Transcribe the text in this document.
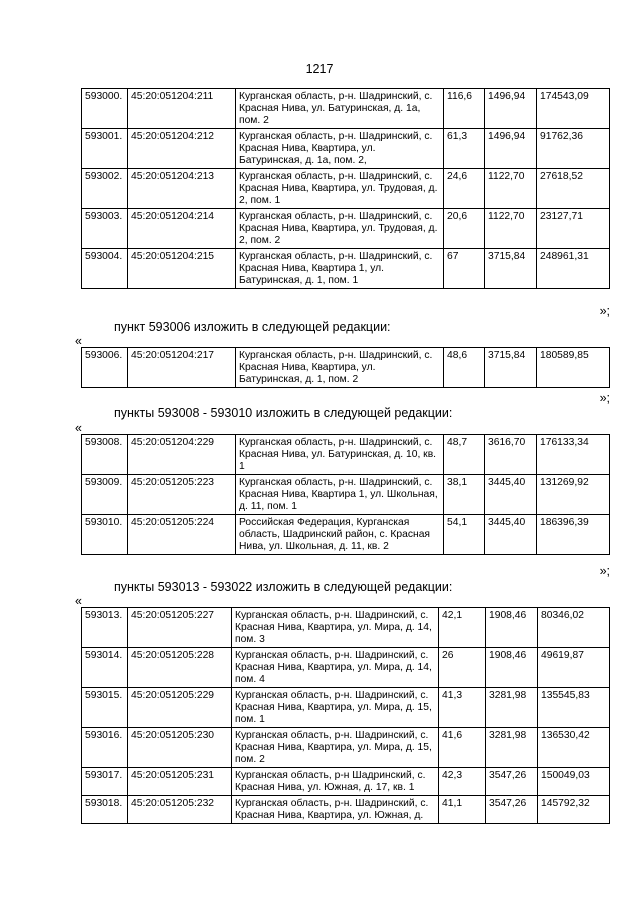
1217
593000.	45:20:051204:211	Курганская область, р-н. Шадринский, с. Красная Нива, ул. Батуринская, д. 1а, пом. 2	116,6	1496,94	174543,09
593001.	45:20:051204:212	Курганская область, р-н. Шадринский, с. Красная Нива, Квартира, ул. Батуринская, д. 1а, пом. 2,	61,3	1496,94	91762,36
593002.	45:20:051204:213	Курганская область, р-н. Шадринский, с. Красная Нива, Квартира, ул. Трудовая, д. 2, пом. 1	24,6	1122,70	27618,52
593003.	45:20:051204:214	Курганская область, р-н. Шадринский, с. Красная Нива, Квартира, ул. Трудовая, д. 2, пом. 2	20,6	1122,70	23127,71
593004.	45:20:051204:215	Курганская область, р-н. Шадринский, с. Красная Нива, Квартира 1, ул. Батуринская, д. 1, пом. 1	67	3715,84	248961,31
»;
пункт 593006 изложить в следующей редакции:
«
593006.	45:20:051204:217	Курганская область, р-н. Шадринский, с. Красная Нива, Квартира, ул. Батуринская, д. 1, пом. 2	48,6	3715,84	180589,85
»;
пункты 593008 - 593010 изложить в следующей редакции:
«
593008.	45:20:051204:229	Курганская область, р-н. Шадринский, с. Красная Нива, ул. Батуринская, д. 10, кв. 1	48,7	3616,70	176133,34
593009.	45:20:051205:223	Курганская область, р-н. Шадринский, с. Красная Нива, Квартира 1, ул. Школьная, д. 11, пом. 1	38,1	3445,40	131269,92
593010.	45:20:051205:224	Российская Федерация, Курганская область, Шадринский район, с. Красная Нива, ул. Школьная, д. 11, кв. 2	54,1	3445,40	186396,39
»;
пункты 593013 - 593022 изложить в следующей редакции:
«
593013.	45:20:051205:227	Курганская область, р-н. Шадринский, с. Красная Нива, Квартира, ул. Мира, д. 14, пом. 3	42,1	1908,46	80346,02
593014.	45:20:051205:228	Курганская область, р-н. Шадринский, с. Красная Нива, Квартира, ул. Мира, д. 14, пом. 4	26	1908,46	49619,87
593015.	45:20:051205:229	Курганская область, р-н. Шадринский, с. Красная Нива, Квартира, ул. Мира, д. 15, пом. 1	41,3	3281,98	135545,83
593016.	45:20:051205:230	Курганская область, р-н. Шадринский, с. Красная Нива, Квартира, ул. Мира, д. 15, пом. 2	41,6	3281,98	136530,42
593017.	45:20:051205:231	Курганская область, р-н Шадринский, с. Красная Нива, ул. Южная, д. 17, кв. 1	42,3	3547,26	150049,03
593018.	45:20:051205:232	Курганская область, р-н. Шадринский, с. Красная Нива, Квартира, ул. Южная, д.	41,1	3547,26	145792,32
